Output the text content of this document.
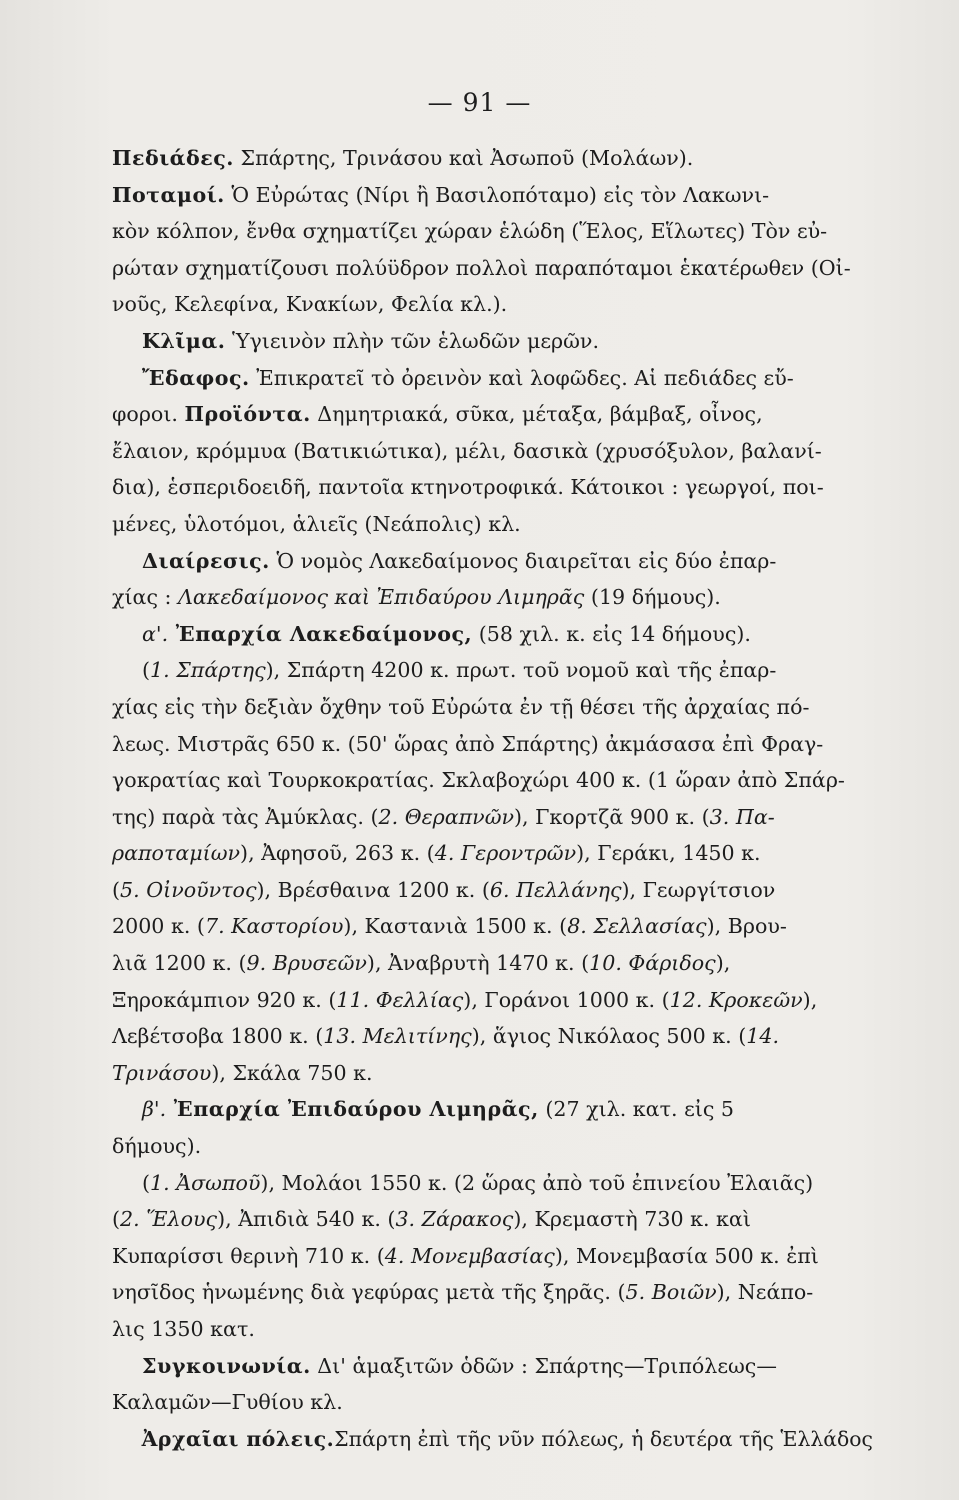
— 91 —
Πεδιάδες. Σπάρτης, Τρινάσου καὶ Ἀσωποῦ (Μολάων).
Ποταμοί. Ὁ Εὐρώτας (Νίρι ἢ Βασιλοπόταμο) εἰς τὸν Λακωνι-
κὸν κόλπον, ἔνθα σχηματίζει χώραν ἑλώδη (Ἕλος, Εἵλωτες) Τὸν εὐ-
ρώταν σχηματίζουσι πολύϋδρον πολλοὶ παραπόταμοι ἑκατέρωθεν (Οἰ-
νοῦς, Κελεφίνα, Κνακίων, Φελία κλ.).
Κλῖμα. Ὑγιεινὸν πλὴν τῶν ἑλωδῶν μερῶν.
Ἔδαφος. Ἐπικρατεῖ τὸ ὀρεινὸν καὶ λοφῶδες. Αἱ πεδιάδες εὔ-
φοροι. Προϊόντα. Δημητριακά, σῦκα, μέταξα, βάμβαξ, οἶνος,
ἔλαιον, κρόμμυα (Βατικιώτικα), μέλι, δασικὰ (χρυσόξυλον, βαλανί-
δια), ἑσπεριδοειδῆ, παντοῖα κτηνοτροφικά. Κάτοικοι : γεωργοί, ποι-
μένες, ὑλοτόμοι, ἁλιεῖς (Νεάπολις) κλ.
Διαίρεσις. Ὁ νομὸς Λακεδαίμονος διαιρεῖται εἰς δύο ἐπαρ-
χίας : Λακεδαίμονος καὶ Ἐπιδαύρου Λιμηρᾶς (19 δήμους).
α'. Ἐπαρχία Λακεδαίμονος, (58 χιλ. κ. εἰς 14 δήμους).
(1. Σπάρτης), Σπάρτη 4200 κ. πρωτ. τοῦ νομοῦ καὶ τῆς ἐπαρ-
χίας εἰς τὴν δεξιὰν ὄχθην τοῦ Εὐρώτα ἐν τῇ θέσει τῆς ἀρχαίας πό-
λεως. Μιστρᾶς 650 κ. (50' ὥρας ἀπὸ Σπάρτης) ἀκμάσασα ἐπὶ Φραγ-
γοκρατίας καὶ Τουρκοκρατίας. Σκλαβοχώρι 400 κ. (1 ὥραν ἀπὸ Σπάρ-
της) παρὰ τὰς Ἀμύκλας. (2. Θεραπνῶν), Γκορτζᾶ 900 κ. (3. Πα-
ραποταμίων), Ἀφησοῦ, 263 κ. (4. Γεροντρῶν), Γεράκι, 1450 κ.
(5. Οἰνοῦντος), Βρέσθαινα 1200 κ. (6. Πελλάνης), Γεωργίτσιον
2000 κ. (7. Καστορίου), Καστανιὰ 1500 κ. (8. Σελλασίας), Βρου-
λιᾶ 1200 κ. (9. Βρυσεῶν), Ἀναβρυτὴ 1470 κ. (10. Φάριδος),
Ξηροκάμπιον 920 κ. (11. Φελλίας), Γοράνοι 1000 κ. (12. Κροκεῶν),
Λεβέτσοβα 1800 κ. (13. Μελιτίνης), ἅγιος Νικόλαος 500 κ. (14.
Τρινάσου), Σκάλα 750 κ.
β'. Ἐπαρχία Ἐπιδαύρου Λιμηρᾶς, (27 χιλ. κατ. εἰς 5
δήμους).
(1. Ἀσωποῦ), Μολάοι 1550 κ. (2 ὥρας ἀπὸ τοῦ ἐπινείου Ἐλαιᾶς)
(2. Ἕλους), Ἀπιδιὰ 540 κ. (3. Ζάρακος), Κρεμαστὴ 730 κ. καὶ
Κυπαρίσσι θερινὴ 710 κ. (4. Μονεμβασίας), Μονεμβασία 500 κ. ἐπὶ
νησῖδος ἡνωμένης διὰ γεφύρας μετὰ τῆς ξηρᾶς. (5. Βοιῶν), Νεάπο-
λις 1350 κατ.
Συγκοινωνία. Δι' ἁμαξιτῶν ὁδῶν : Σπάρτης—Τριπόλεως—
Καλαμῶν—Γυθίου κλ.
Ἀρχαῖαι πόλεις.Σπάρτη ἐπὶ τῆς νῦν πόλεως, ἡ δευτέρα τῆς Ἑλλάδος
